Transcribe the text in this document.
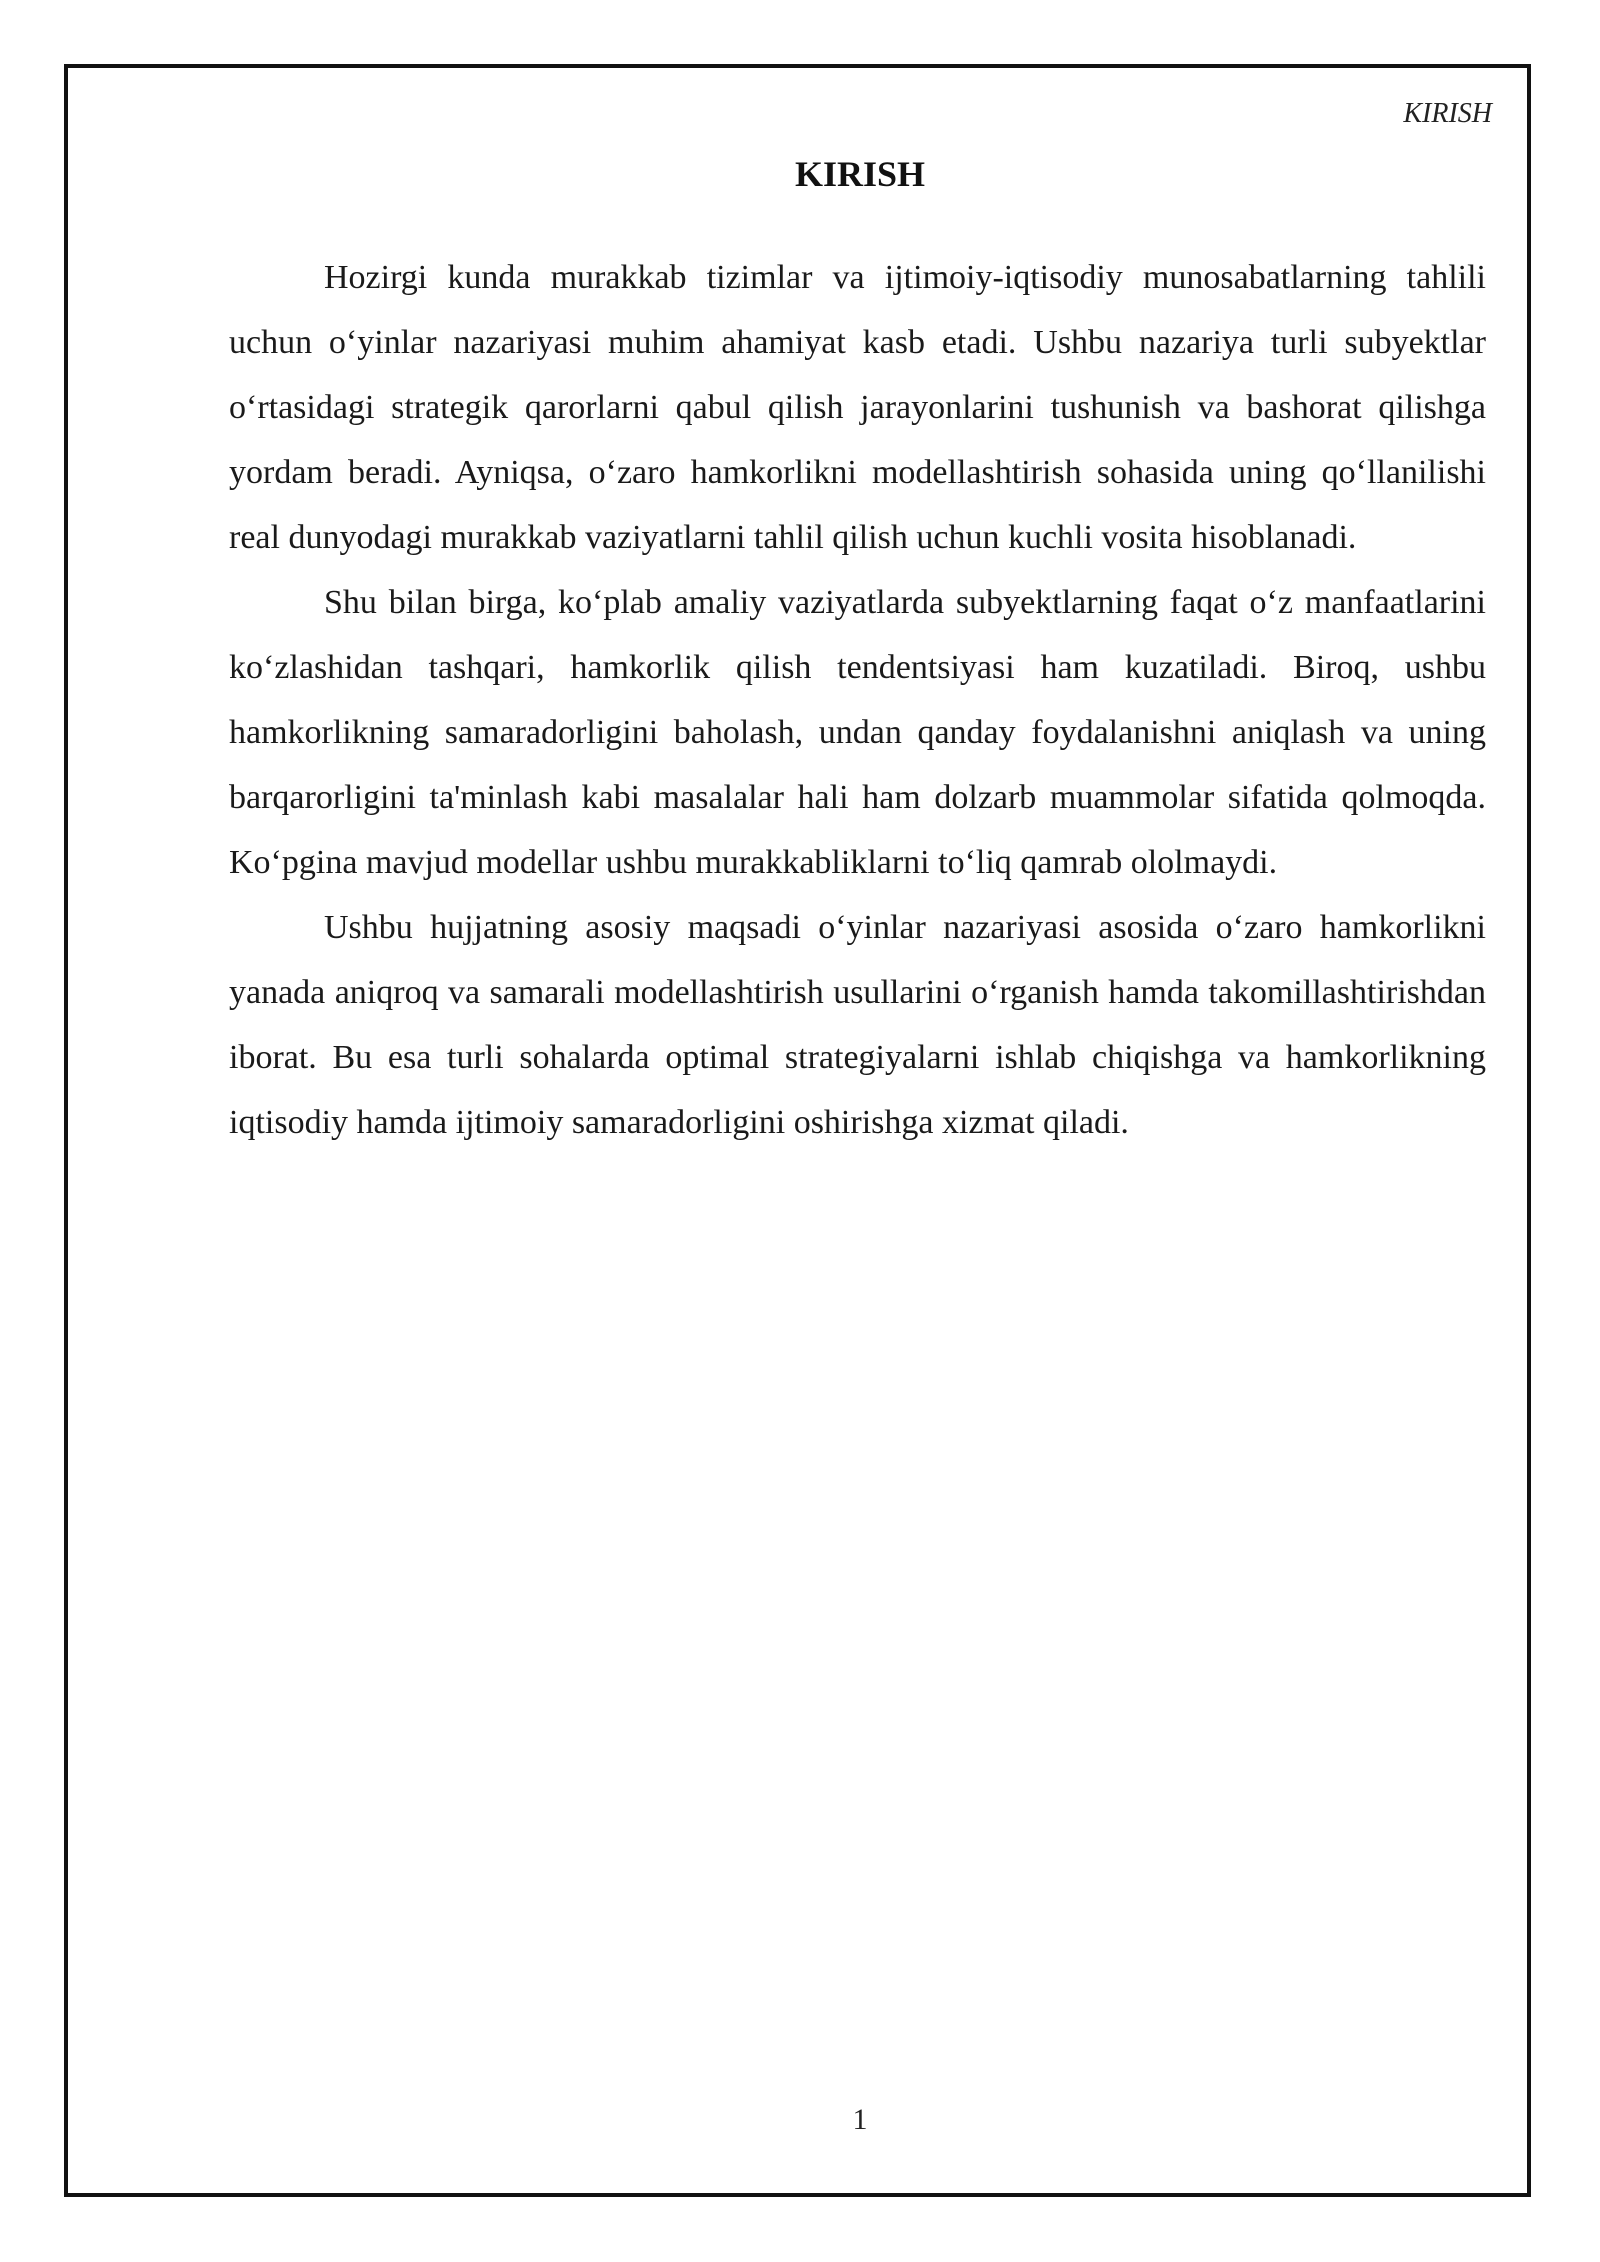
KIRISH

KIRISH

Hozirgi kunda murakkab tizimlar va ijtimoiy-iqtisodiy munosabatlarning tahlili uchun o‘yinlar nazariyasi muhim ahamiyat kasb etadi. Ushbu nazariya turli subyektlar o‘rtasidagi strategik qarorlarni qabul qilish jarayonlarini tushunish va bashorat qilishga yordam beradi. Ayniqsa, o‘zaro hamkorlikni modellashtirish sohasida uning qo‘llanilishi real dunyodagi murakkab vaziyatlarni tahlil qilish uchun kuchli vosita hisoblanadi.

Shu bilan birga, ko‘plab amaliy vaziyatlarda subyektlarning faqat o‘z manfaatlarini ko‘zlashidan tashqari, hamkorlik qilish tendentsiyasi ham kuzatiladi. Biroq, ushbu hamkorlikning samaradorligini baholash, undan qanday foydalanishni aniqlash va uning barqarorligini ta'minlash kabi masalalar hali ham dolzarb muammolar sifatida qolmoqda. Ko‘pgina mavjud modellar ushbu murakkabliklarni to‘liq qamrab ololmaydi.

Ushbu hujjatning asosiy maqsadi o‘yinlar nazariyasi asosida o‘zaro hamkorlikni yanada aniqroq va samarali modellashtirish usullarini o‘rganish hamda takomillashtirishdan iborat. Bu esa turli sohalarda optimal strategiyalarni ishlab chiqishga va hamkorlikning iqtisodiy hamda ijtimoiy samaradorligini oshirishga xizmat qiladi.

1
